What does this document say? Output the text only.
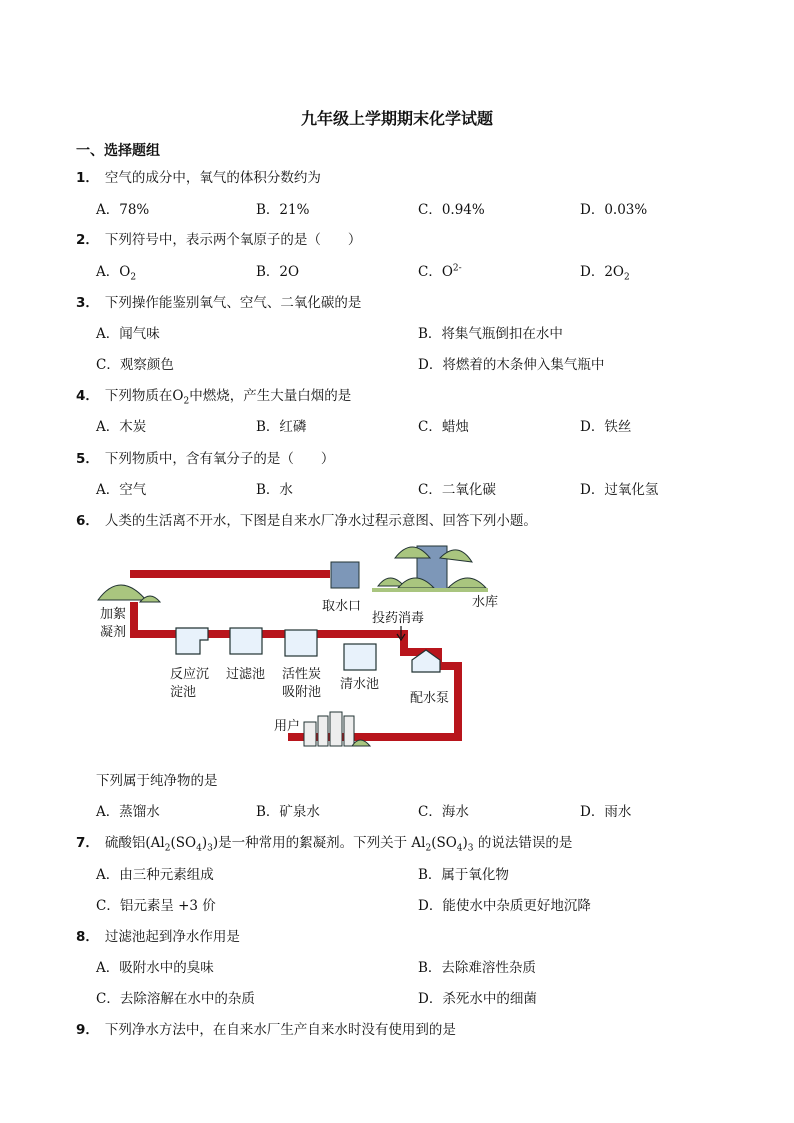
九年级上学期期末化学试题
一、选择题组
1． 空气的成分中，氧气的体积分数约为
A．78%	B．21%	C．0.94%	D．0.03%
2． 下列符号中，表示两个氧原子的是（　　）
A．$O_2$	B．2O	C．$O^{2-}$	D．$2O_2$
3． 下列操作能鉴别氧气、空气、二氧化碳的是
A．闻气味	B．将集气瓶倒扣在水中
C．观察颜色	D．将燃着的木条伸入集气瓶中
4． 下列物质在$O_2$中燃烧，产生大量白烟的是
A．木炭	B．红磷	C．蜡烛	D．铁丝
5． 下列物质中，含有氧分子的是（　　）
A．空气	B．水	C．二氧化碳	D．过氧化氢
6． 人类的生活离不开水，下图是自来水厂净水过程示意图、回答下列小题。
取水口	水库
加絮
凝剂
投药消毒
反应沉
淀池
过滤池 活性炭
吸附池
清水池
配水泵
用户
下列属于纯净物的是
A．蒸馏水	B．矿泉水	C．海水	D．雨水
7． 硫酸铝$(Al_2(SO_4)_3)$是一种常用的絮凝剂。下列关于 $Al_2(SO_4)_3$ 的说法错误的是
A．由三种元素组成	B．属于氧化物
C．铝元素呈 +3 价	D．能使水中杂质更好地沉降
8． 过滤池起到净水作用是
A．吸附水中的臭味	B．去除难溶性杂质
C．去除溶解在水中的杂质	D．杀死水中的细菌
9． 下列净水方法中，在自来水厂生产自来水时没有使用到的是
